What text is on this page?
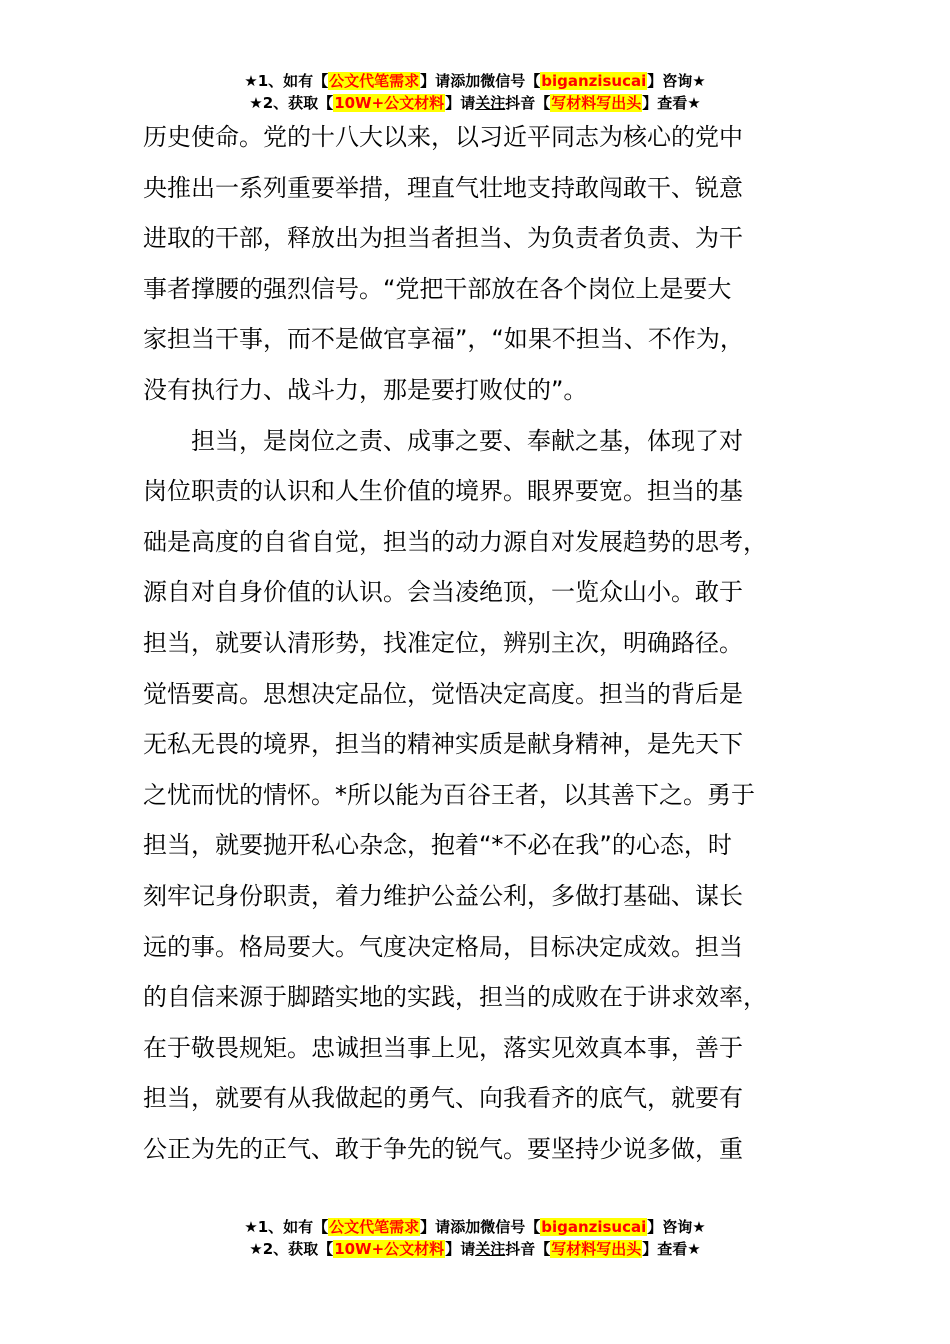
★1、如有【公文代笔需求】请添加微信号【biganzisucai】咨询★
★2、获取【10W+公文材料】请关注抖音【写材料写出头】查看★
历史使命。党的十八大以来，以习近平同志为核心的党中
央推出一系列重要举措，理直气壮地支持敢闯敢干、锐意
进取的干部，释放出为担当者担当、为负责者负责、为干
事者撑腰的强烈信号。“党把干部放在各个岗位上是要大
家担当干事，而不是做官享福”，“如果不担当、不作为，
没有执行力、战斗力，那是要打败仗的”。
　　担当，是岗位之责、成事之要、奉献之基，体现了对
岗位职责的认识和人生价值的境界。眼界要宽。担当的基
础是高度的自省自觉，担当的动力源自对发展趋势的思考，
源自对自身价值的认识。会当凌绝顶，一览众山小。敢于
担当，就要认清形势，找准定位，辨别主次，明确路径。
觉悟要高。思想决定品位，觉悟决定高度。担当的背后是
无私无畏的境界，担当的精神实质是献身精神，是先天下
之忧而忧的情怀。*所以能为百谷王者，以其善下之。勇于
担当，就要抛开私心杂念，抱着“*不必在我”的心态，时
刻牢记身份职责，着力维护公益公利，多做打基础、谋长
远的事。格局要大。气度决定格局，目标决定成效。担当
的自信来源于脚踏实地的实践，担当的成败在于讲求效率，
在于敬畏规矩。忠诚担当事上见，落实见效真本事，善于
担当，就要有从我做起的勇气、向我看齐的底气，就要有
公正为先的正气、敢于争先的锐气。要坚持少说多做，重
★1、如有【公文代笔需求】请添加微信号【biganzisucai】咨询★
★2、获取【10W+公文材料】请关注抖音【写材料写出头】查看★
